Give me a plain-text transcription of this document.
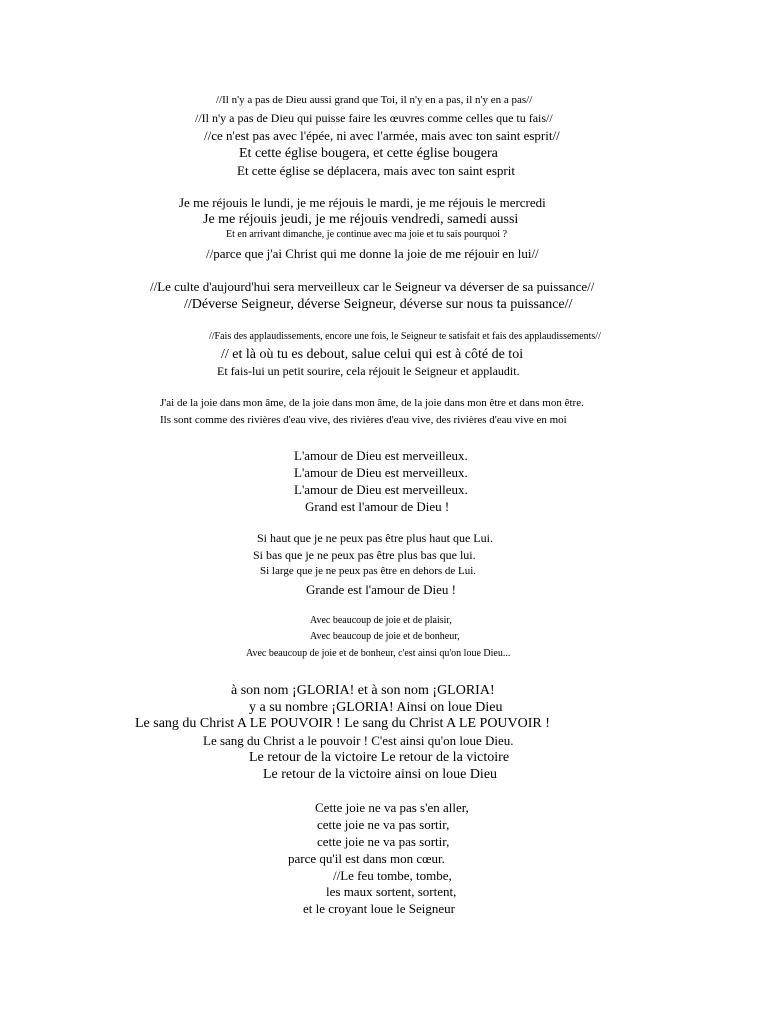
//Il n'y a pas de Dieu aussi grand que Toi, il n'y en a pas, il n'y en a pas//
//Il n'y a pas de Dieu qui puisse faire les œuvres comme celles que tu fais//
//ce n'est pas avec l'épée, ni avec l'armée, mais avec ton saint esprit//
Et cette église bougera, et cette église bougera
Et cette église se déplacera, mais avec ton saint esprit
Je me réjouis le lundi, je me réjouis le mardi, je me réjouis le mercredi
Je me réjouis jeudi, je me réjouis vendredi, samedi aussi
Et en arrivant dimanche, je continue avec ma joie et tu sais pourquoi ?
//parce que j'ai Christ qui me donne la joie de me réjouir en lui//
//Le culte d'aujourd'hui sera merveilleux car le Seigneur va déverser de sa puissance//
//Déverse Seigneur, déverse Seigneur, déverse sur nous ta puissance//
//Fais des applaudissements, encore une fois, le Seigneur te satisfait et fais des applaudissements//
// et là où tu es debout, salue celui qui est à côté de toi
Et fais-lui un petit sourire, cela réjouit le Seigneur et applaudit.
J'ai de la joie dans mon âme, de la joie dans mon âme, de la joie dans mon être et dans mon être.
Ils sont comme des rivières d'eau vive, des rivières d'eau vive, des rivières d'eau vive en moi
L'amour de Dieu est merveilleux.
L'amour de Dieu est merveilleux.
L'amour de Dieu est merveilleux.
Grand est l'amour de Dieu !
Si haut que je ne peux pas être plus haut que Lui.
Si bas que je ne peux pas être plus bas que lui.
Si large que je ne peux pas être en dehors de Lui.
Grande est l'amour de Dieu !
Avec beaucoup de joie et de plaisir,
Avec beaucoup de joie et de bonheur,
Avec beaucoup de joie et de bonheur, c'est ainsi qu'on loue Dieu...
à son nom ¡GLORIA! et à son nom ¡GLORIA!
y a su nombre ¡GLORIA! Ainsi on loue Dieu
Le sang du Christ A LE POUVOIR ! Le sang du Christ A LE POUVOIR !
Le sang du Christ a le pouvoir ! C'est ainsi qu'on loue Dieu.
Le retour de la victoire Le retour de la victoire
Le retour de la victoire ainsi on loue Dieu
Cette joie ne va pas s'en aller,
cette joie ne va pas sortir,
cette joie ne va pas sortir,
parce qu'il est dans mon cœur.
//Le feu tombe, tombe,
les maux sortent, sortent,
et le croyant loue le Seigneur
